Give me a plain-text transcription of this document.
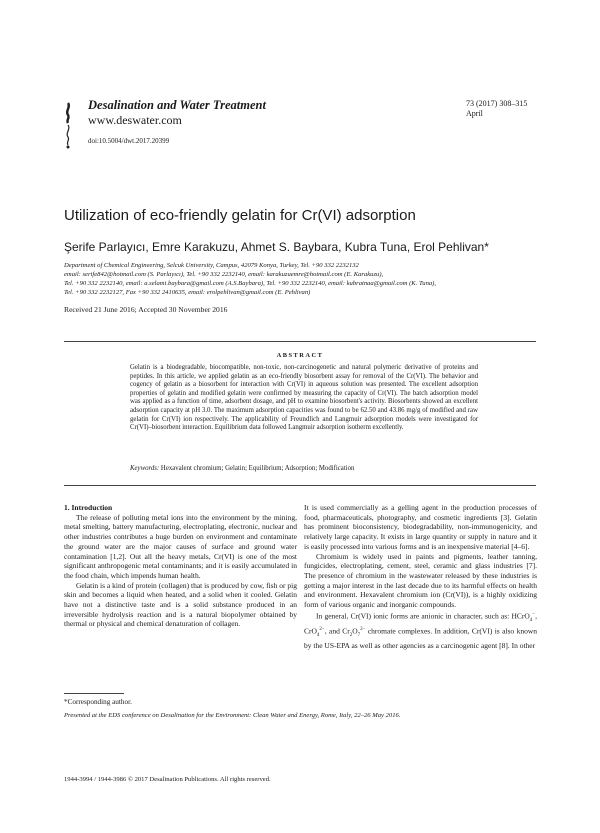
Desalination and Water Treatment
www.deswater.com
doi:10.5004/dwt.2017.20399
73 (2017) 308–315
April
Utilization of eco-friendly gelatin for Cr(VI) adsorption
Şerife Parlayıcı, Emre Karakuzu, Ahmet S. Baybara, Kubra Tuna, Erol Pehlivan*
Department of Chemical Engineering, Selcuk University, Campus, 42079 Konya, Turkey, Tel. +90 332 2232132
email: serife842@hotmail.com (S. Parlayıcı), Tel. +90 332 2232140, email: karakuzuemre@hotmail.com (E. Karakuzu),
Tel. +90 332 2232140, email: a.selami.baybara@gmail.com (A.S.Baybara), Tel. +90 332 2232140, email: kubratnaa@gmail.com (K. Tuna),
Tel. +90 332 2232127, Fax +90 332 2410635, email: erolpehlivan@gmail.com (E. Pehlivan)
Received 21 June 2016; Accepted 30 November 2016
ABSTRACT
Gelatin is a biodegradable, biocompatible, non-toxic, non-carcinogenetic and natural polymeric derivative of proteins and peptides. In this article, we applied gelatin as an eco-friendly biosorbent assay for removal of the Cr(VI). The behavior and cogency of gelatin as a biosorbent for interaction with Cr(VI) in aqueous solution was presented. The excellent adsorption properties of gelatin and modified gelatin were confirmed by measuring the capacity of Cr(VI). The batch adsorption model was applied as a function of time, adsorbent dosage, and pH to examine biosorbent's activity. Biosorbents showed an excellent adsorption capacity at pH 3.0. The maximum adsorption capacities was found to be 62.50 and 43.86 mg/g of modified and raw gelatin for Cr(VI) ion respectively. The applicability of Freundlich and Langmuir adsorption models were investigated for Cr(VI)–biosorbent interaction. Equilibrium data followed Langmuir adsorption isotherm excellently.
Keywords: Hexavalent chromium; Gelatin; Equilibrium; Adsorption; Modification

1. Introduction

The release of polluting metal ions into the environment by the mining, metal smelting, battery manufacturing, electroplating, electronic, nuclear and other industries contributes a huge burden on environment and contaminate the ground water are the major causes of surface and ground water contamination [1,2]. Out all the heavy metals, Cr(VI) is one of the most significant anthropogenic metal contaminants; and it is easily accumulated in the food chain, which impends human health.

Gelatin is a kind of protein (collagen) that is produced by cow, fish or pig skin and becomes a liquid when heated, and a solid when it cooled. Gelatin have not a distinctive taste and is a solid substance produced in an irreversible hydrolysis reaction and is a natural biopolymer obtained by thermal or physical and chemical denaturation of collagen.

It is used commercially as a gelling agent in the production processes of food, pharmaceuticals, photography, and cosmetic ingredients [3]. Gelatin has prominent bioconsistency, biodegradability, non-immunogenicity, and relatively large capacity. It exists in large quantity or supply in nature and it is easily processed into various forms and is an inexpensive material [4–6].

Chromium is widely used in paints and pigments, leather tanning, fungicides, electroplating, cement, steel, ceramic and glass industries [7]. The presence of chromium in the wastewater released by these industries is getting a major interest in the last decade due to its harmful effects on health and environment. Hexavalent chromium ion (Cr(VI)), is a highly oxidizing form of various organic and inorganic compounds.

In general, Cr(VI) ionic forms are anionic in character, such as: HCrO$_4$−, CrO$_4^{2-}$, and $Cr_2O_7^{2-}$ chromate complexes. In addition, Cr(VI) is also known by the US-EPA as well as other agencies as a carcinogenic agent [8]. In other

*Corresponding author.
Presented at the EDS conference on Desalination for the Environment: Clean Water and Energy, Rome, Italy, 22–26 May 2016.
1944-3994 / 1944-3986 © 2017 Desalination Publications. All rights reserved.
